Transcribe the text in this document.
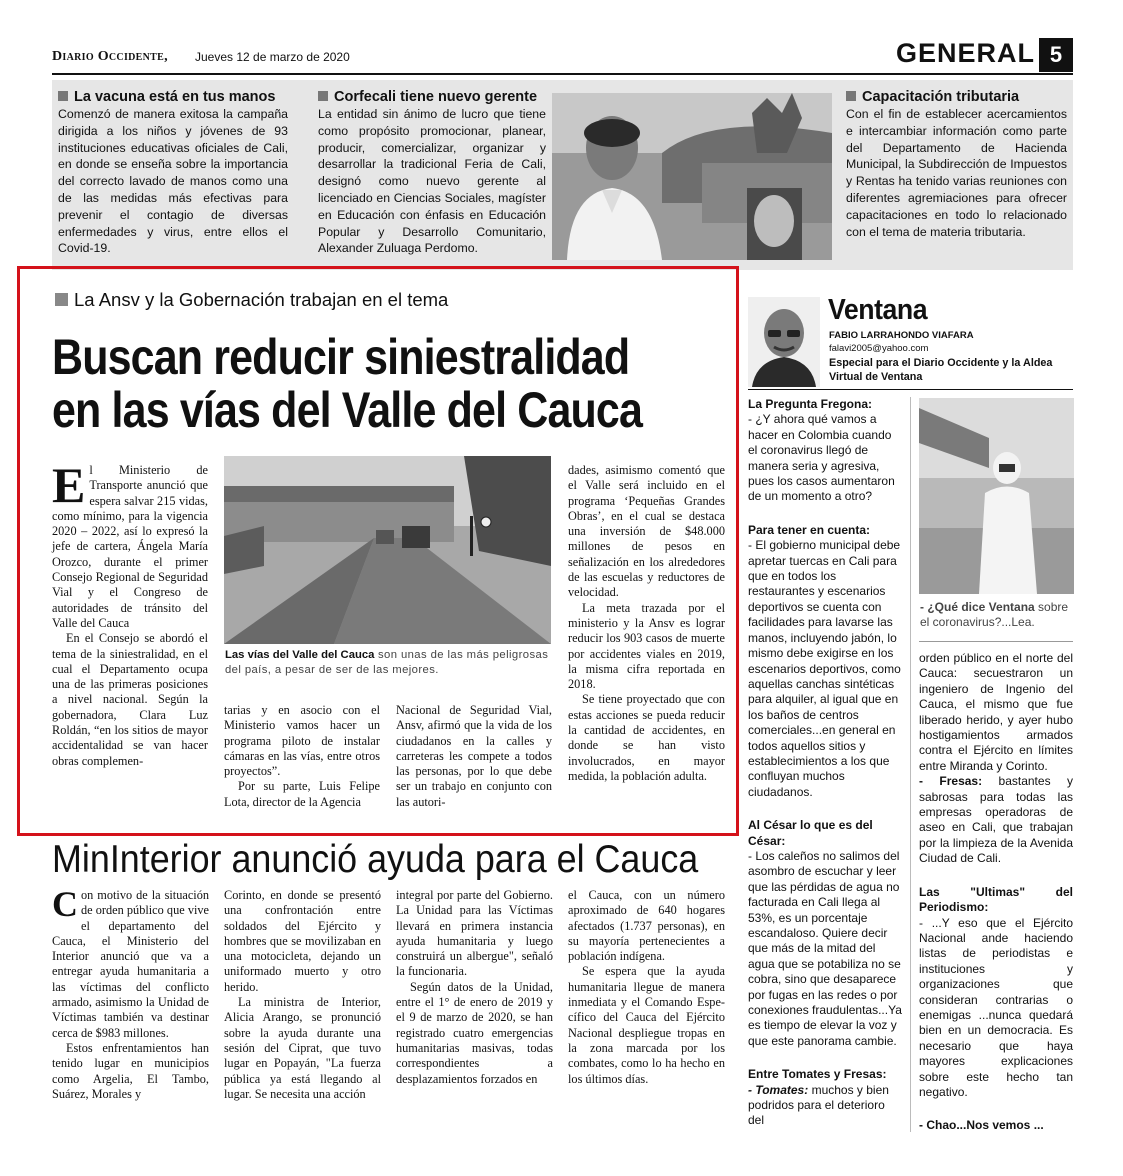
Diario Occidente, Jueves 12 de marzo de 2020	GENERAL 5
La vacuna está en tus manos
Comenzó de manera exitosa la campaña dirigida a los niños y jóvenes de 93 instituciones educativas oficiales de Cali, en donde se enseña sobre la importancia del correcto lavado de manos como una de las medidas más efectivas para prevenir el contagio de diversas enfermedades y virus, entre ellos el Covid-19.
Corfecali tiene nuevo gerente
La entidad sin ánimo de lucro que tiene como propósito promocionar, planear, producir, comercializar, organizar y desarrollar la tradicional Feria de Cali, designó como nuevo gerente al licenciado en Ciencias Sociales, magíster en Educación con énfasis en Educación Popular y Desarrollo Comunitario, Alexander Zuluaga Perdomo.
Capacitación tributaria
Con el fin de establecer acercamientos e intercambiar información como parte del Departamento de Hacienda Municipal, la Subdirección de Impuestos y Rentas ha tenido varias reuniones con diferentes agremiaciones para ofrecer capacitaciones en todo lo relacionado con el tema de materia tributaria.
La Ansv y la Gobernación trabajan en el tema
Buscan reducir siniestralidad
en las vías del Valle del Cauca

El Ministerio de Transporte anunció que espera salvar 215 vidas, como mínimo, para la vigencia 2020 – 2022, así lo expresó la jefe de cartera, Ángela María Orozco, durante el primer Consejo Regional de Seguridad Vial y el Congreso de autoridades de tránsito del Valle del Cauca

En el Consejo se abordó el tema de la siniestralidad, en el cual el Departamento ocupa una de las primeras posiciones a nivel nacional. Según la gobernadora, Clara Luz Roldán, “en los sitios de mayor accidentalidad se van hacer obras complemen-

Las vías del Valle del Cauca son unas de las más peligrosas del país, a pesar de ser de las mejores.

tarias y en asocio con el Ministerio vamos hacer un programa piloto de instalar cámaras en las vías, entre otros proyectos”.

Por su parte, Luis Felipe Lota, director de la Agencia

Nacional de Seguridad Vial, Ansv, afirmó que la vida de los ciudadanos en la calles y carreteras les compete a todos las personas, por lo que debe ser un trabajo en conjunto con las autori-

dades, asimismo comentó que el Valle será incluido en el programa ‘Pequeñas Grandes Obras’, en el cual se destaca una inversión de $48.000 millones de pesos en señalización en los alrededores de las escuelas y reductores de velocidad.

La meta trazada por el ministerio y la Ansv es lograr reducir los 903 casos de muerte por accidentes viales en 2019, la misma cifra reportada en 2018.

Se tiene proyectado que con estas acciones se pueda reducir la cantidad de accidentes, en donde se han visto involucrados, en mayor medida, la población adulta.

MinInterior anunció ayuda para el Cauca

Con motivo de la situación de orden público que vive el departamento del Cauca, el Ministerio del Interior anunció que va a entregar ayuda humanitaria a las víctimas del conflicto armado, asimismo la Unidad de Víctimas también va destinar cerca de $983 millones.

Estos enfrentamientos han tenido lugar en municipios como Argelia, El Tambo, Suárez, Morales y

Corinto, en donde se presentó una confrontación entre soldados del Ejército y hombres que se movilizaban en una motocicleta, dejando un uniformado muerto y otro herido.

La ministra de Interior, Alicia Arango, se pronunció sobre la ayuda durante una sesión del Ciprat, que tuvo lugar en Popayán, "La fuerza pública ya está llegando al lugar. Se necesita una acción

integral por parte del Gobierno. La Unidad para las Víctimas llevará en primera instancia ayuda humanitaria y luego construirá un albergue", señaló la funcionaria.

Según datos de la Unidad, entre el 1° de enero de 2019 y el 9 de marzo de 2020, se han registrado cuatro emergencias humanitarias masivas, todas correspondientes a desplazamientos forzados en

el Cauca, con un número aproximado de 640 hogares afectados (1.737 personas), en su mayoría pertenecientes a población indígena.

Se espera que la ayuda humanitaria llegue de manera inmediata y el Comando Espe-cífico del Cauca del Ejército Nacional despliegue tropas en la zona marcada por los combates, como lo ha hecho en los últimos días.

Ventana
FABIO LARRAHONDO VIAFARA
falavi2005@yahoo.com
Especial para el Diario Occidente y la Aldea Virtual de Ventana
La Pregunta Fregona:
- ¿Y ahora qué vamos a hacer en Colombia cuando el coronavirus llegó de manera seria y agresiva, pues los casos aumentaron de un momento a otro?
Para tener en cuenta:
- El gobierno municipal debe apretar tuercas en Cali para que en todos los restaurantes y escenarios deportivos se cuenta con facilidades para lavarse las manos, incluyendo jabón, lo mismo debe exigirse en los escenarios deportivos, como aquellas canchas sintéticas para alquiler, al igual que en los baños de centros comerciales...en general en todos aquellos sitios y establecimientos a los que confluyan muchos ciudadanos.
Al César lo que es del César:
- Los caleños no salimos del asombro de escuchar y leer que las pérdidas de agua no facturada en Cali llega al 53%, es un porcentaje escandaloso. Quiere decir que más de la mitad del agua que se potabiliza no se cobra, sino que desaparece por fugas en las redes o por conexiones fraudulentas...Ya es tiempo de elevar la voz y que este panorama cambie.
Entre Tomates y Fresas:
- Tomates: muchos y bien podridos para el deterioro del
- ¿Qué dice Ventana sobre el coronavirus?...Lea.
orden público en el norte del Cauca: secuestraron un ingeniero de Ingenio del Cauca, el mismo que fue liberado herido, y ayer hubo hostigamientos armados contra el Ejército en límites entre Miranda y Corinto.
- Fresas: bastantes y sabrosas para todas las empresas operadoras de aseo en Cali, que trabajan por la limpieza de la Avenida Ciudad de Cali.
Las "Ultimas" del Periodismo:
- ...Y eso que el Ejército Nacional ande haciendo listas de periodistas e instituciones y organizaciones que consideran contrarias o enemigas ...nunca quedará bien en un democracia. Es necesario que haya mayores explicaciones sobre este hecho tan negativo.
- Chao...Nos vemos ...
